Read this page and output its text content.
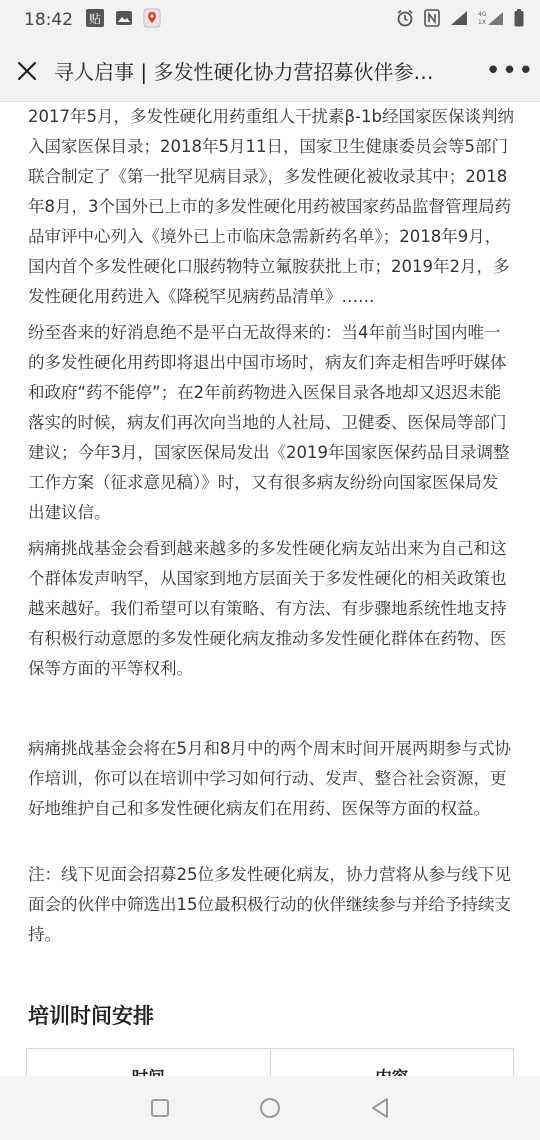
18:42 贴	4G
1X
寻人启事 | 多发性硬化协力营招募伙伴参…	•••

2017年5月，多发性硬化用药重组人干扰素β-1b经国家医保谈判纳入国家医保目录；2018年5月11日，国家卫生健康委员会等5部门联合制定了《第一批罕见病目录》，多发性硬化被收录其中；2018年8月，3个国外已上市的多发性硬化用药被国家药品监督管理局药品审评中心列入《境外已上市临床急需新药名单》；2018年9月，国内首个多发性硬化口服药物特立氟胺获批上市；2019年2月，多发性硬化用药进入《降税罕见病药品清单》……

纷至沓来的好消息绝不是平白无故得来的：当4年前当时国内唯一的多发性硬化用药即将退出中国市场时，病友们奔走相告呼吁媒体和政府“药不能停”；在2年前药物进入医保目录各地却又迟迟未能落实的时候，病友们再次向当地的人社局、卫健委、医保局等部门建议；今年3月，国家医保局发出《2019年国家医保药品目录调整工作方案（征求意见稿）》时，又有很多病友纷纷向国家医保局发出建议信。

病痛挑战基金会看到越来越多的多发性硬化病友站出来为自己和这个群体发声呐罕，从国家到地方层面关于多发性硬化的相关政策也越来越好。我们希望可以有策略、有方法、有步骤地系统性地支持有积极行动意愿的多发性硬化病友推动多发性硬化群体在药物、医保等方面的平等权利。

病痛挑战基金会将在5月和8月中的两个周末时间开展两期参与式协作培训，你可以在培训中学习如何行动、发声、整合社会资源，更好地维护自己和多发性硬化病友们在用药、医保等方面的权益。

注：线下见面会招募25位多发性硬化病友，协力营将从参与线下见面会的伙伴中筛选出15位最积极行动的伙伴继续参与并给予持续支持。

培训时间安排
